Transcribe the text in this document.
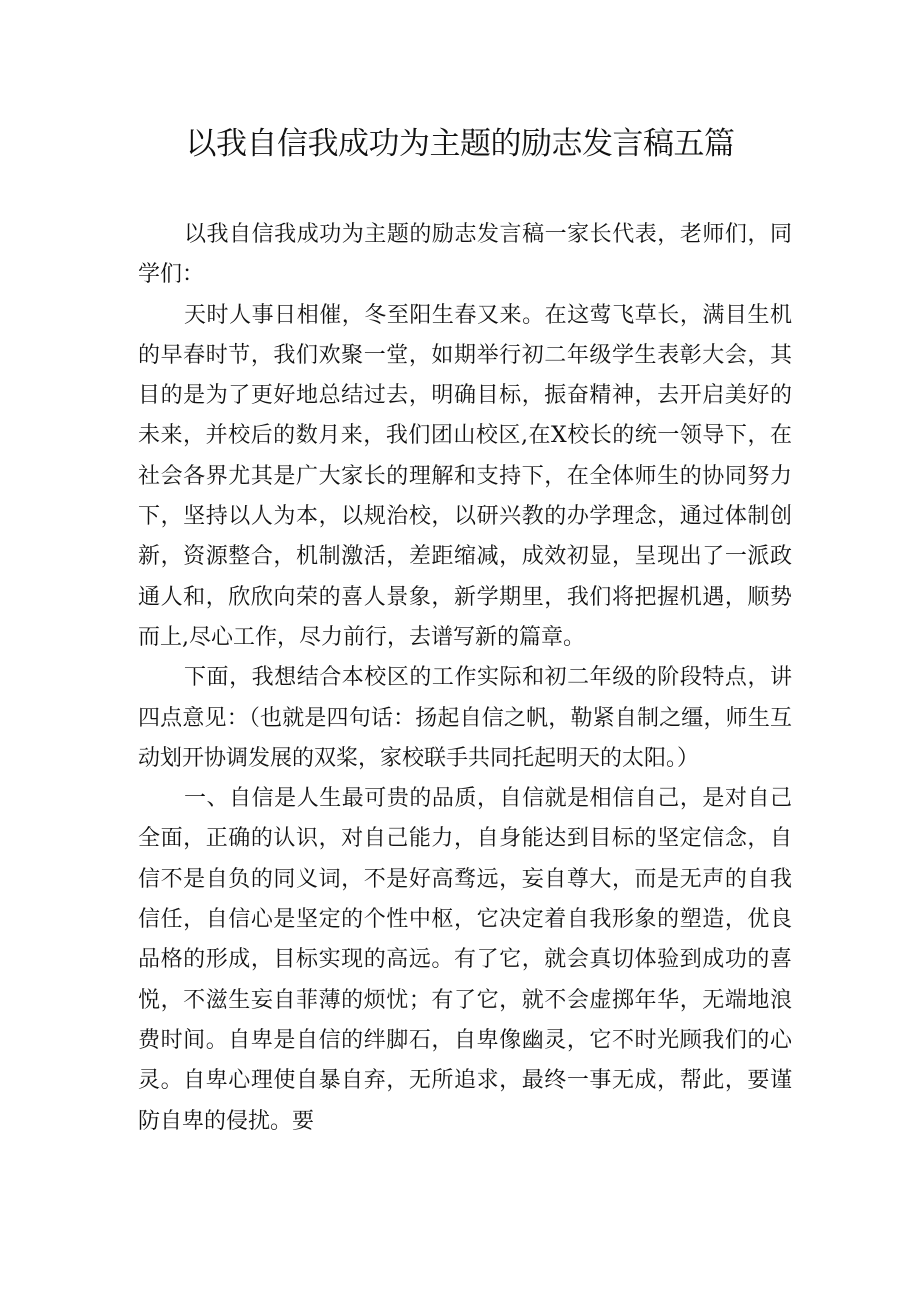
以我自信我成功为主题的励志发言稿五篇

以我自信我成功为主题的励志发言稿一家长代表，老师们，同学们：

天时人事日相催，冬至阳生春又来。在这莺飞草长，满目生机的早春时节，我们欢聚一堂，如期举行初二年级学生表彰大会，其目的是为了更好地总结过去，明确目标，振奋精神，去开启美好的未来，并校后的数月来，我们团山校区,在X校长的统一领导下，在社会各界尤其是广大家长的理解和支持下，在全体师生的协同努力下，坚持以人为本，以规治校，以研兴教的办学理念，通过体制创新，资源整合，机制激活，差距缩减，成效初显，呈现出了一派政通人和，欣欣向荣的喜人景象，新学期里，我们将把握机遇，顺势而上,尽心工作，尽力前行，去谱写新的篇章。

下面，我想结合本校区的工作实际和初二年级的阶段特点，讲四点意见：（也就是四句话：扬起自信之帆，勒紧自制之缰，师生互动划开协调发展的双桨，家校联手共同托起明天的太阳。）

一、自信是人生最可贵的品质，自信就是相信自己，是对自己全面，正确的认识，对自己能力，自身能达到目标的坚定信念，自信不是自负的同义词，不是好高骛远，妄自尊大，而是无声的自我信任，自信心是坚定的个性中枢，它决定着自我形象的塑造，优良品格的形成，目标实现的高远。有了它，就会真切体验到成功的喜悦，不滋生妄自菲薄的烦忧；有了它，就不会虚掷年华，无端地浪费时间。自卑是自信的绊脚石，自卑像幽灵，它不时光顾我们的心灵。自卑心理使自暴自弃，无所追求，最终一事无成，帮此，要谨防自卑的侵扰。要
